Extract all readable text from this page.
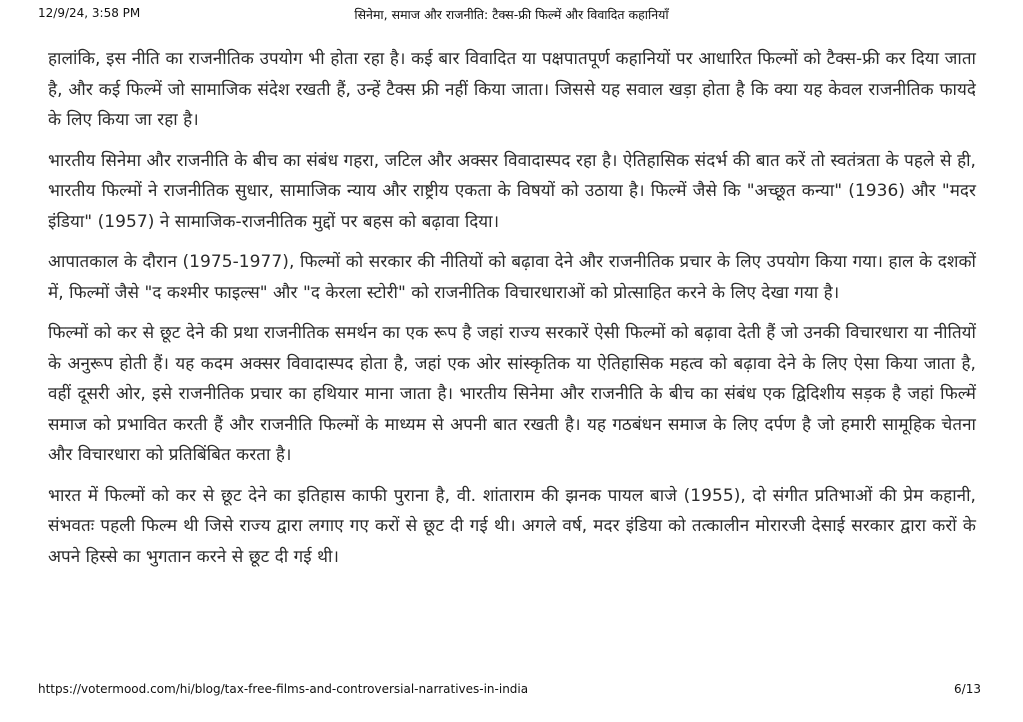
12/9/24, 3:58 PM	सिनेमा, समाज और राजनीति: टैक्स-फ्री फिल्में और विवादित कहानियाँ

हालांकि, इस नीति का राजनीतिक उपयोग भी होता रहा है। कई बार विवादित या पक्षपातपूर्ण कहानियों पर आधारित फिल्मों को टैक्स-फ्री कर दिया जाता है, और कई फिल्में जो सामाजिक संदेश रखती हैं, उन्हें टैक्स फ्री नहीं किया जाता। जिससे यह सवाल खड़ा होता है कि क्या यह केवल राजनीतिक फायदे के लिए किया जा रहा है।

भारतीय सिनेमा और राजनीति के बीच का संबंध गहरा, जटिल और अक्सर विवादास्पद रहा है। ऐतिहासिक संदर्भ की बात करें तो स्वतंत्रता के पहले से ही, भारतीय फिल्मों ने राजनीतिक सुधार, सामाजिक न्याय और राष्ट्रीय एकता के विषयों को उठाया है। फिल्में जैसे कि "अच्छूत कन्या" (1936) और "मदर इंडिया" (1957) ने सामाजिक-राजनीतिक मुद्दों पर बहस को बढ़ावा दिया।

आपातकाल के दौरान (1975-1977), फिल्मों को सरकार की नीतियों को बढ़ावा देने और राजनीतिक प्रचार के लिए उपयोग किया गया। हाल के दशकों में, फिल्मों जैसे "द कश्मीर फाइल्स" और "द केरला स्टोरी" को राजनीतिक विचारधाराओं को प्रोत्साहित करने के लिए देखा गया है।

फिल्मों को कर से छूट देने की प्रथा राजनीतिक समर्थन का एक रूप है जहां राज्य सरकारें ऐसी फिल्मों को बढ़ावा देती हैं जो उनकी विचारधारा या नीतियों के अनुरूप होती हैं। यह कदम अक्सर विवादास्पद होता है, जहां एक ओर सांस्कृतिक या ऐतिहासिक महत्व को बढ़ावा देने के लिए ऐसा किया जाता है, वहीं दूसरी ओर, इसे राजनीतिक प्रचार का हथियार माना जाता है। भारतीय सिनेमा और राजनीति के बीच का संबंध एक द्विदिशीय सड़क है जहां फिल्में समाज को प्रभावित करती हैं और राजनीति फिल्मों के माध्यम से अपनी बात रखती है। यह गठबंधन समाज के लिए दर्पण है जो हमारी सामूहिक चेतना और विचारधारा को प्रतिबिंबित करता है।

भारत में फिल्मों को कर से छूट देने का इतिहास काफी पुराना है, वी. शांताराम की झनक पायल बाजे (1955), दो संगीत प्रतिभाओं की प्रेम कहानी, संभवतः पहली फिल्म थी जिसे राज्य द्वारा लगाए गए करों से छूट दी गई थी। अगले वर्ष, मदर इंडिया को तत्कालीन मोरारजी देसाई सरकार द्वारा करों के अपने हिस्से का भुगतान करने से छूट दी गई थी।

https://votermood.com/hi/blog/tax-free-films-and-controversial-narratives-in-india	6/13
